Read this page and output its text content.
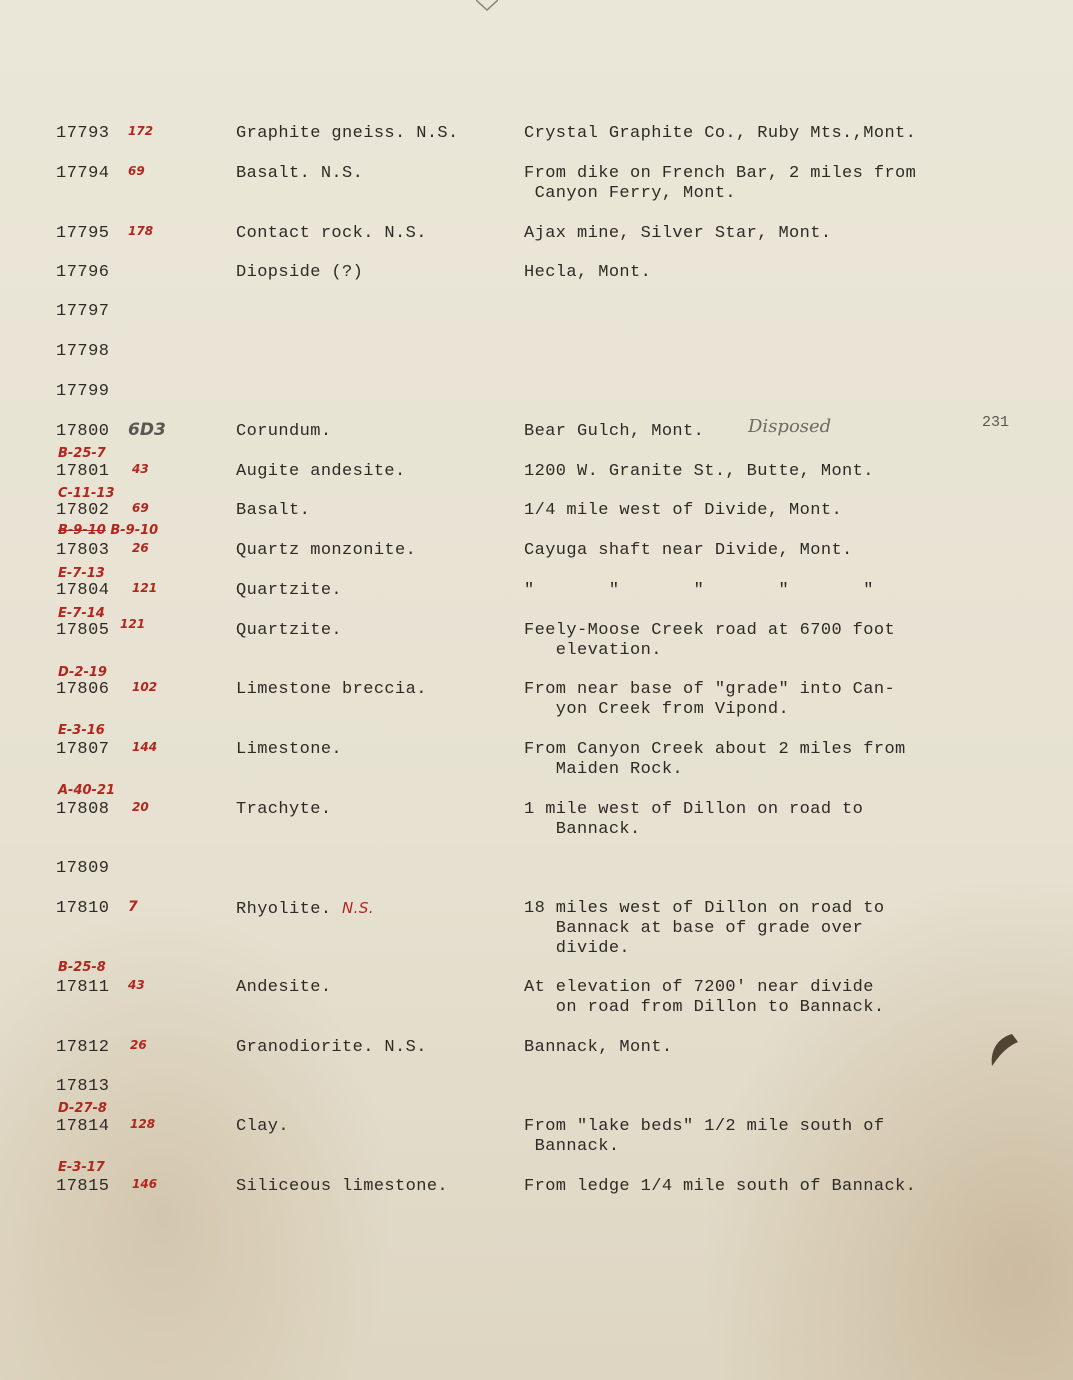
231
17793 172	Graphite gneiss. N.S.	Crystal Graphite Co., Ruby Mts.,Mont.
17794 69	Basalt. N.S.	From dike on French Bar, 2 miles from
Canyon Ferry, Mont.
17795 178	Contact rock. N.S.	Ajax mine, Silver Star, Mont.
17796	Diopside (?)	Hecla, Mont.
17797
17798
17799
17800 6D3	Corundum.	Bear Gulch, Mont. Disposed
B-25-7
17801 43	Augite andesite.	1200 W. Granite St., Butte, Mont.
C-11-13
17802 69	Basalt.	1/4 mile west of Divide, Mont.
B-9-10 B-9-10
17803 26	Quartz monzonite.	Cayuga shaft near Divide, Mont.
E-7-13
17804 121	Quartzite.	"       "       "       "       "
E-7-14
17805 121	Quartzite.	Feely-Moose Creek road at 6700 foot
elevation.
D-2-19
17806 102	Limestone breccia.	From near base of "grade" into Can-
yon Creek from Vipond.
E-3-16
17807 144	Limestone.	From Canyon Creek about 2 miles from
Maiden Rock.
A-40-21
17808 20	Trachyte.	1 mile west of Dillon on road to
Bannack.
17809
17810 7	Rhyolite. N.S.	18 miles west of Dillon on road to
Bannack at base of grade over
divide.
B-25-8
17811 43	Andesite.	At elevation of 7200' near divide
on road from Dillon to Bannack.
17812 26	Granodiorite. N.S.	Bannack, Mont.
17813
D-27-8
17814 128	Clay.	From "lake beds" 1/2 mile south of
Bannack.
E-3-17
17815 146	Siliceous limestone.	From ledge 1/4 mile south of Bannack.
